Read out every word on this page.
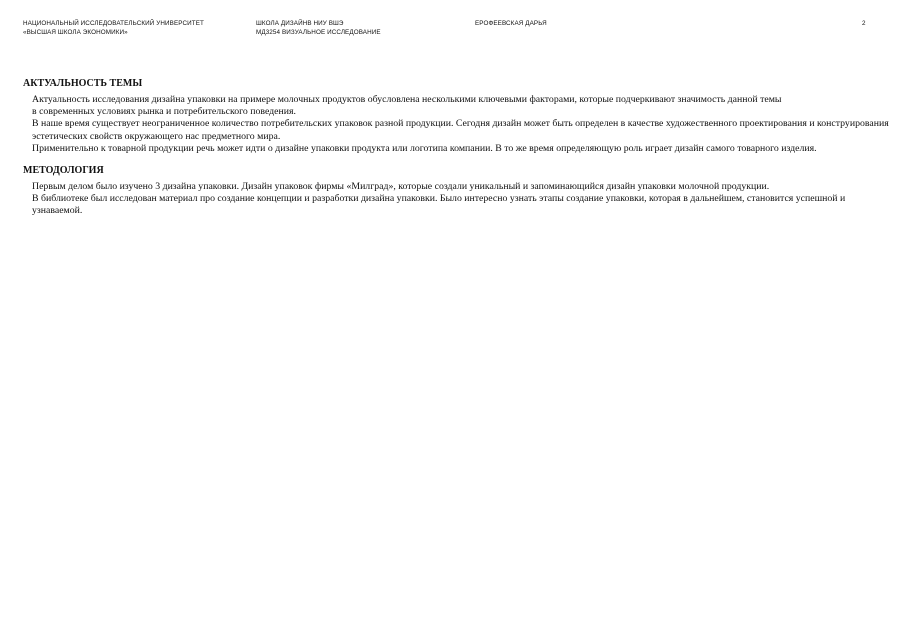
НАЦИОНАЛЬНЫЙ ИССЛЕДОВАТЕЛЬСКИЙ УНИВЕРСИТЕТ
«ВЫСШАЯ ШКОЛА ЭКОНОМИКИ»
ШКОЛА ДИЗАЙНВ НИУ ВШЭ
МД3254 ВИЗУАЛЬНОЕ ИССЛЕДОВАНИЕ
ЕРОФЕЕВСКАЯ ДАРЬЯ	2
АКТУАЛЬНОСТЬ ТЕМЫ

Актуальность исследования дизайна упаковки на примере молочных продуктов обусловлена несколькими ключевыми факторами, которые подчеркивают значимость данной темы

в современных условиях рынка и потребительского поведения.

В наше время существует неограниченное количество потребительских упаковок разной продукции. Сегодня дизайн может быть определен в качестве художественного проектирования и конструирования эстетических свойств окружающего нас предметного мира.

Применительно к товарной продукции речь может идти о дизайне упаковки продукта или логотипа компании. В то же время определяющую роль играет дизайн самого товарного изделия.

МЕТОДОЛОГИЯ

Первым делом было изучено 3 дизайна упаковки. Дизайн упаковок фирмы «Милград», которые создали уникальный и запоминающийся дизайн упаковки молочной продукции.

В библиотеке был исследован материал про создание концепции и разработки дизайна упаковки. Было интересно узнать этапы создание упаковки, которая в дальнейшем, становится успешной и узнаваемой.
